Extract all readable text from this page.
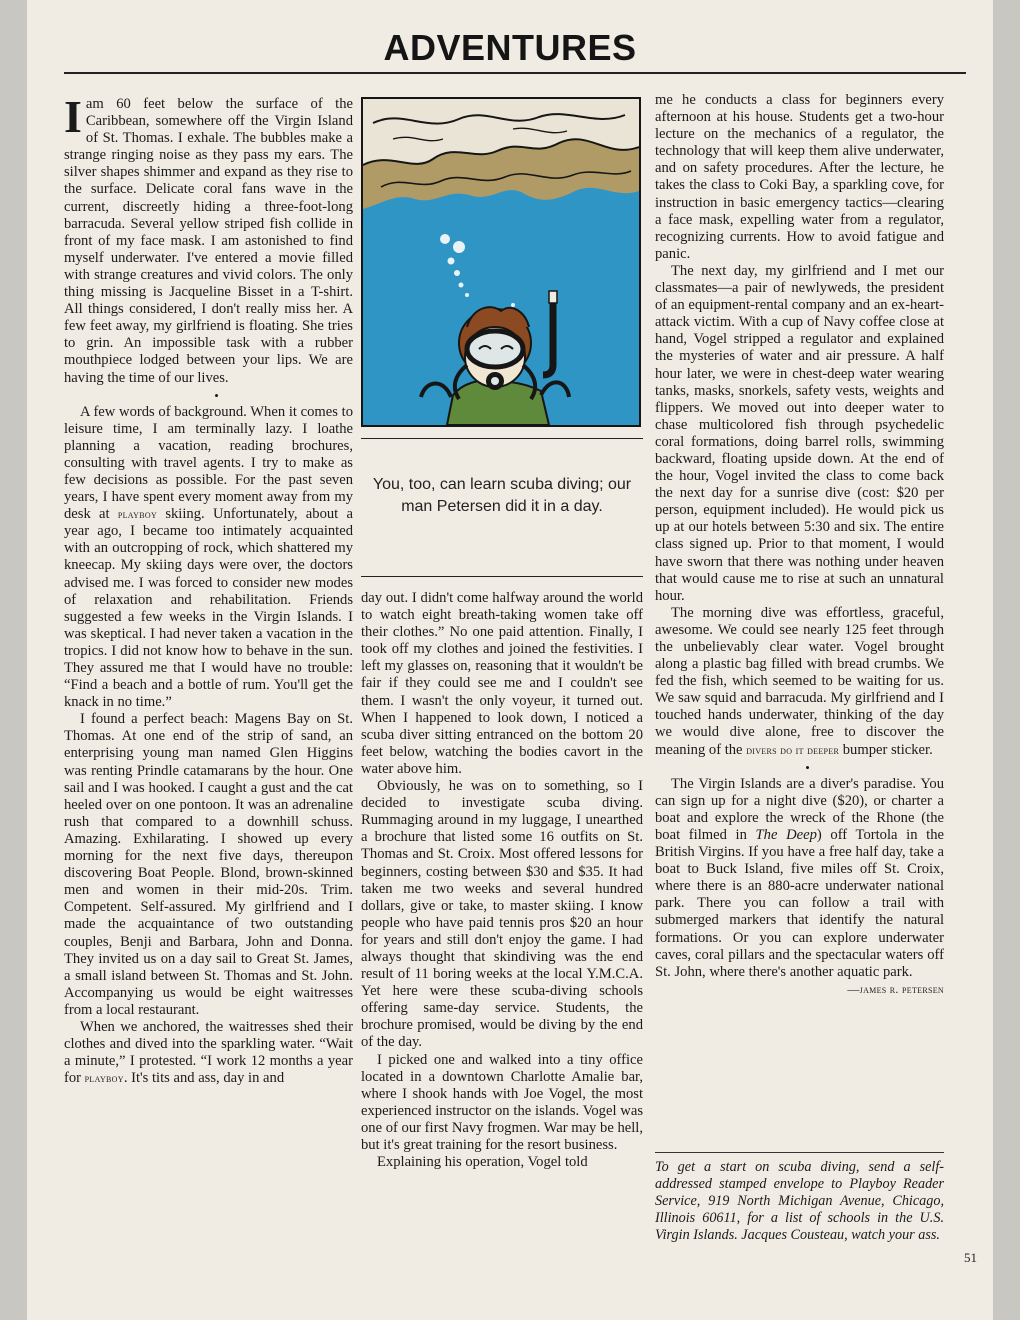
ADVENTURES

I am 60 feet below the surface of the Caribbean, somewhere off the Virgin Island of St. Thomas. I exhale. The bubbles make a strange ringing noise as they pass my ears. The silver shapes shimmer and expand as they rise to the surface. Delicate coral fans wave in the current, discreetly hiding a three-foot-long barracuda. Several yellow striped fish collide in front of my face mask. I am astonished to find myself underwater. I've entered a movie filled with strange creatures and vivid colors. The only thing missing is Jacqueline Bisset in a T-shirt. All things considered, I don't really miss her. A few feet away, my girlfriend is floating. She tries to grin. An impossible task with a rubber mouthpiece lodged between your lips. We are having the time of our lives.

•

A few words of background. When it comes to leisure time, I am terminally lazy. I loathe planning a vacation, reading brochures, consulting with travel agents. I try to make as few decisions as possible. For the past seven years, I have spent every moment away from my desk at playboy skiing. Unfortunately, about a year ago, I became too intimately acquainted with an outcropping of rock, which shattered my kneecap. My skiing days were over, the doctors advised me. I was forced to consider new modes of relaxation and rehabilitation. Friends suggested a few weeks in the Virgin Islands. I was skeptical. I had never taken a vacation in the tropics. I did not know how to behave in the sun. They assured me that I would have no trouble: “Find a beach and a bottle of rum. You'll get the knack in no time.”

I found a perfect beach: Magens Bay on St. Thomas. At one end of the strip of sand, an enterprising young man named Glen Higgins was renting Prindle catamarans by the hour. One sail and I was hooked. I caught a gust and the cat heeled over on one pontoon. It was an adrenaline rush that compared to a downhill schuss. Amazing. Exhilarating. I showed up every morning for the next five days, thereupon discovering Boat People. Blond, brown-skinned men and women in their mid-20s. Trim. Competent. Self-assured. My girlfriend and I made the acquaintance of two outstanding couples, Benji and Barbara, John and Donna. They invited us on a day sail to Great St. James, a small island between St. Thomas and St. John. Accompanying us would be eight waitresses from a local restaurant.

When we anchored, the waitresses shed their clothes and dived into the sparkling water. “Wait a minute,” I protested. “I work 12 months a year for playboy. It's tits and ass, day in and

You, too, can learn scuba diving; our man Petersen did it in a day.

day out. I didn't come halfway around the world to watch eight breath-taking women take off their clothes.” No one paid attention. Finally, I took off my clothes and joined the festivities. I left my glasses on, reasoning that it wouldn't be fair if they could see me and I couldn't see them. I wasn't the only voyeur, it turned out. When I happened to look down, I noticed a scuba diver sitting entranced on the bottom 20 feet below, watching the bodies cavort in the water above him.

Obviously, he was on to something, so I decided to investigate scuba diving. Rummaging around in my luggage, I unearthed a brochure that listed some 16 outfits on St. Thomas and St. Croix. Most offered lessons for beginners, costing between $30 and $35. It had taken me two weeks and several hundred dollars, give or take, to master skiing. I know people who have paid tennis pros $20 an hour for years and still don't enjoy the game. I had always thought that skindiving was the end result of 11 boring weeks at the local Y.M.C.A. Yet here were these scuba-diving schools offering same-day service. Students, the brochure promised, would be diving by the end of the day.

I picked one and walked into a tiny office located in a downtown Charlotte Amalie bar, where I shook hands with Joe Vogel, the most experienced instructor on the islands. Vogel was one of our first Navy frogmen. War may be hell, but it's great training for the resort business.

Explaining his operation, Vogel told

me he conducts a class for beginners every afternoon at his house. Students get a two-hour lecture on the mechanics of a regulator, the technology that will keep them alive underwater, and on safety procedures. After the lecture, he takes the class to Coki Bay, a sparkling cove, for instruction in basic emergency tactics—clearing a face mask, expelling water from a regulator, recognizing currents. How to avoid fatigue and panic.

The next day, my girlfriend and I met our classmates—a pair of newlyweds, the president of an equipment-rental company and an ex-heart-attack victim. With a cup of Navy coffee close at hand, Vogel stripped a regulator and explained the mysteries of water and air pressure. A half hour later, we were in chest-deep water wearing tanks, masks, snorkels, safety vests, weights and flippers. We moved out into deeper water to chase multicolored fish through psychedelic coral formations, doing barrel rolls, swimming backward, floating upside down. At the end of the hour, Vogel invited the class to come back the next day for a sunrise dive (cost: $20 per person, equipment included). He would pick us up at our hotels between 5:30 and six. The entire class signed up. Prior to that moment, I would have sworn that there was nothing under heaven that would cause me to rise at such an unnatural hour.

The morning dive was effortless, graceful, awesome. We could see nearly 125 feet through the unbelievably clear water. Vogel brought along a plastic bag filled with bread crumbs. We fed the fish, which seemed to be waiting for us. We saw squid and barracuda. My girlfriend and I touched hands underwater, thinking of the day we would dive alone, free to discover the meaning of the divers do it deeper bumper sticker.

•

The Virgin Islands are a diver's paradise. You can sign up for a night dive ($20), or charter a boat and explore the wreck of the Rhone (the boat filmed in The Deep) off Tortola in the British Virgins. If you have a free half day, take a boat to Buck Island, five miles off St. Croix, where there is an 880-acre underwater national park. There you can follow a trail with submerged markers that identify the natural formations. Or you can explore underwater caves, coral pillars and the spectacular waters off St. John, where there's another aquatic park.
—james r. petersen

To get a start on scuba diving, send a self-addressed stamped envelope to Playboy Reader Service, 919 North Michigan Avenue, Chicago, Illinois 60611, for a list of schools in the U.S. Virgin Islands. Jacques Cousteau, watch your ass.
51
